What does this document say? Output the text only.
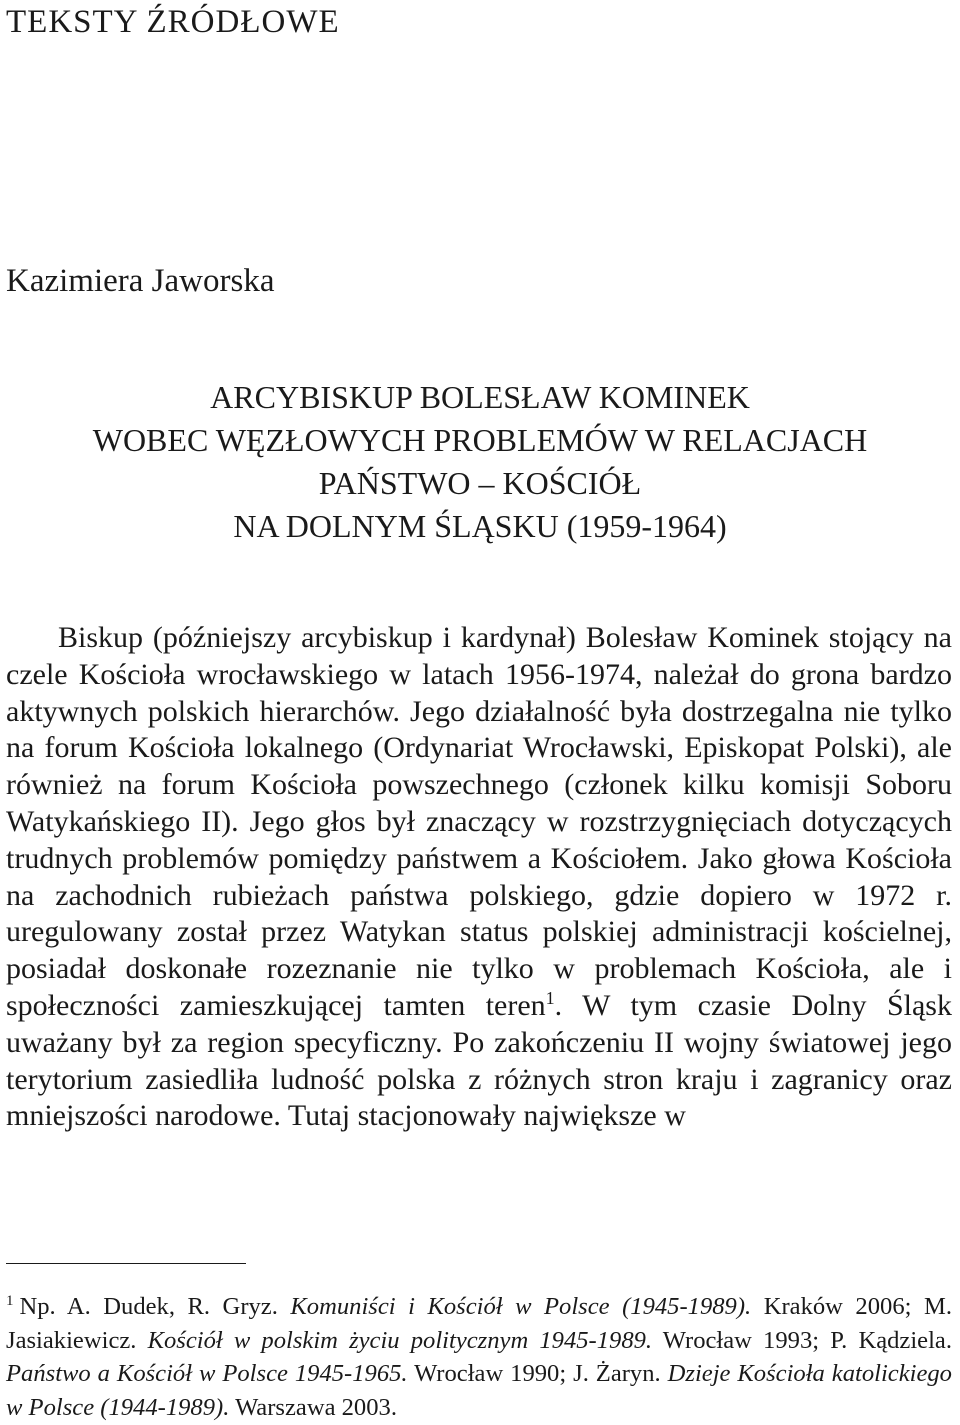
TEKSTY ŹRÓDŁOWE
Kazimiera Jaworska
ARCYBISKUP BOLESŁAW KOMINEK
WOBEC WĘZŁOWYCH PROBLEMÓW W RELACJACH
PAŃSTWO – KOŚCIÓŁ
NA DOLNYM ŚLĄSKU (1959-1964)
Biskup (późniejszy arcybiskup i kardynał) Bolesław Kominek stojący na czele Kościoła wrocławskiego w latach 1956-1974, należał do grona bardzo aktywnych polskich hierarchów. Jego działalność była dostrzegalna nie tylko na forum Kościoła lokalnego (Ordynariat Wrocławski, Episkopat Polski), ale również na forum Kościoła powszechnego (członek kilku komisji Soboru Watykańskiego II). Jego głos był znaczący w rozstrzygnięciach dotyczących trudnych problemów pomiędzy państwem a Kościołem. Jako głowa Kościoła na zachodnich rubieżach państwa polskiego, gdzie dopiero w 1972 r. uregulowany został przez Watykan status polskiej administracji kościelnej, posiadał doskonałe rozeznanie nie tylko w problemach Kościoła, ale i społeczności zamieszkującej tamten teren$^1$. W tym czasie Dolny Śląsk uważany był za region specyficzny. Po zakończeniu II wojny światowej jego terytorium zasiedliła ludność polska z różnych stron kraju i zagranicy oraz mniejszości narodowe. Tutaj stacjonowały największe w
$^1$ Np. A. Dudek, R. Gryz. Komuniści i Kościół w Polsce (1945-1989). Kraków 2006; M. Jasiakiewicz. Kościół w polskim życiu politycznym 1945-1989. Wrocław 1993; P. Kądziela. Państwo a Kościół w Polsce 1945-1965. Wrocław 1990; J. Żaryn. Dzieje Kościoła katolickiego w Polsce (1944-1989). Warszawa 2003.
